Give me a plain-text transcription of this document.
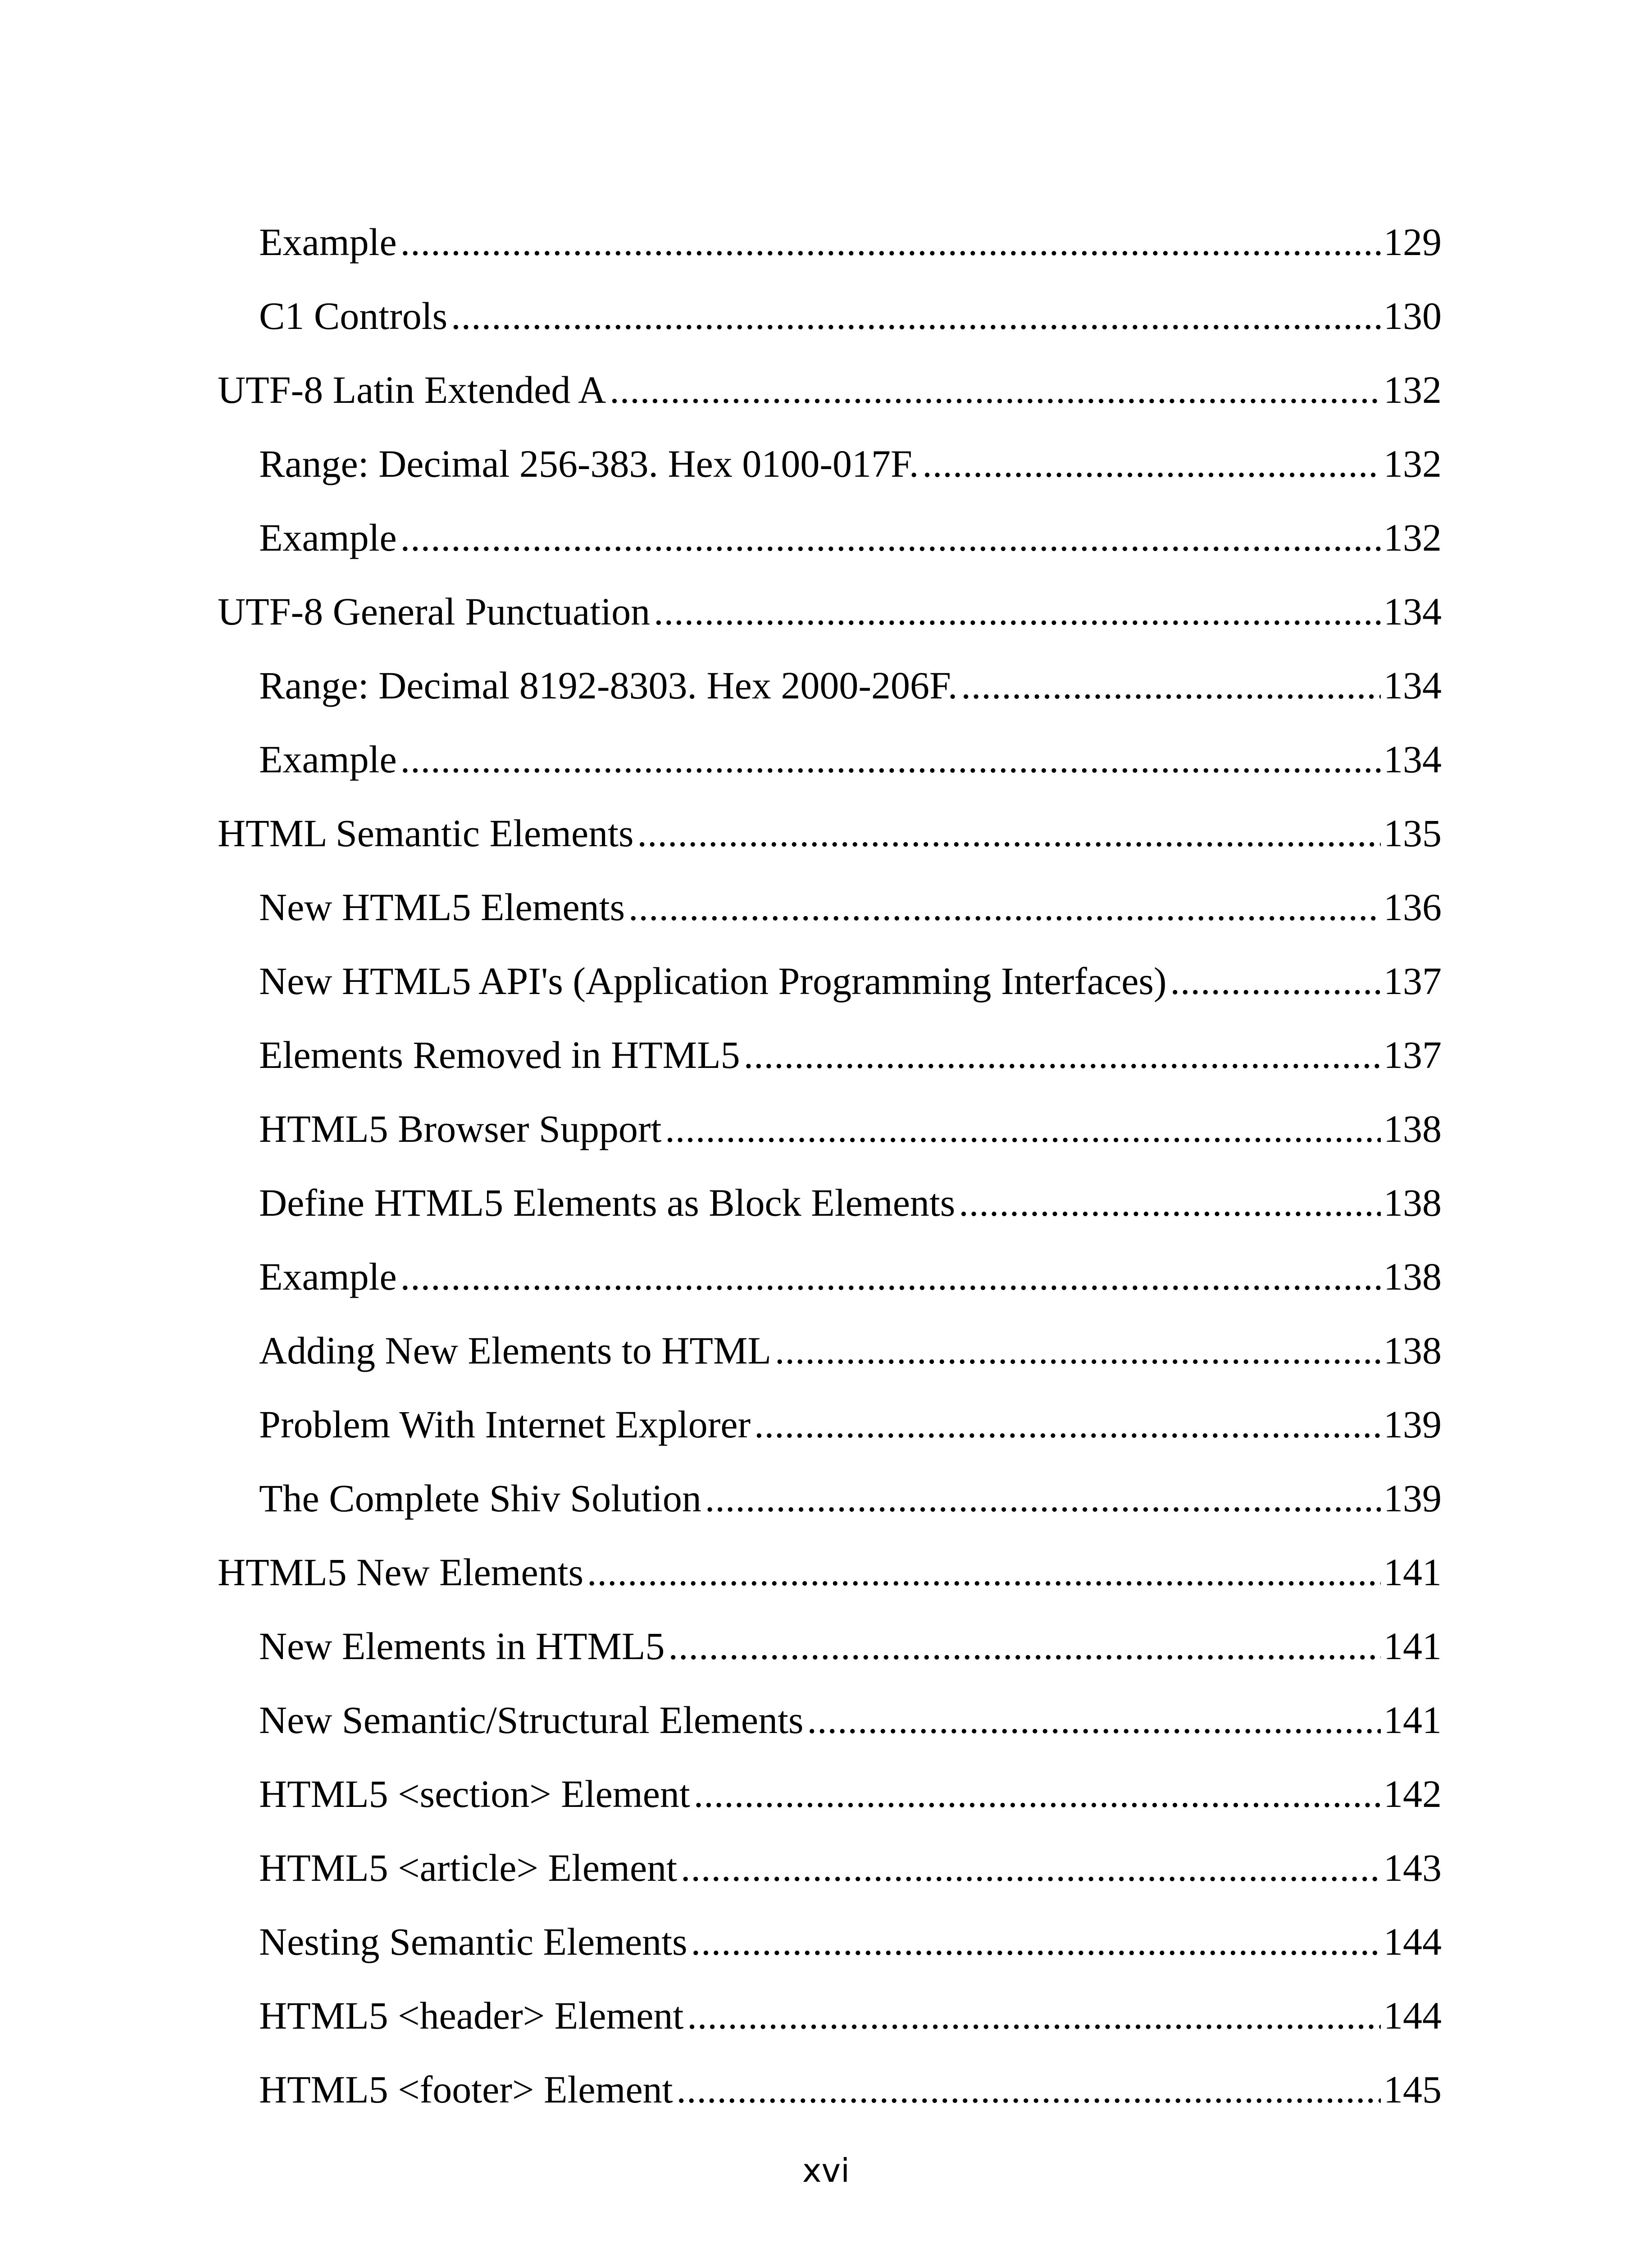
Example .....	129
C1 Controls .....	130
UTF-8 Latin Extended A .....	132
Range: Decimal 256-383. Hex 0100-017F. .....	132
Example .....	132
UTF-8 General Punctuation .....	134
Range: Decimal 8192-8303. Hex 2000-206F. .....	134
Example .....	134
HTML Semantic Elements .....	135
New HTML5 Elements .....	136
New HTML5 API's (Application Programming Interfaces) .....	137
Elements Removed in HTML5 .....	137
HTML5 Browser Support .....	138
Define HTML5 Elements as Block Elements .....	138
Example .....	138
Adding New Elements to HTML .....	138
Problem With Internet Explorer .....	139
The Complete Shiv Solution .....	139
HTML5 New Elements .....	141
New Elements in HTML5 .....	141
New Semantic/Structural Elements .....	141
HTML5 <section> Element .....	142
HTML5 <article> Element .....	143
Nesting Semantic Elements .....	144
HTML5 <header> Element .....	144
HTML5 <footer> Element .....	145
xvi
